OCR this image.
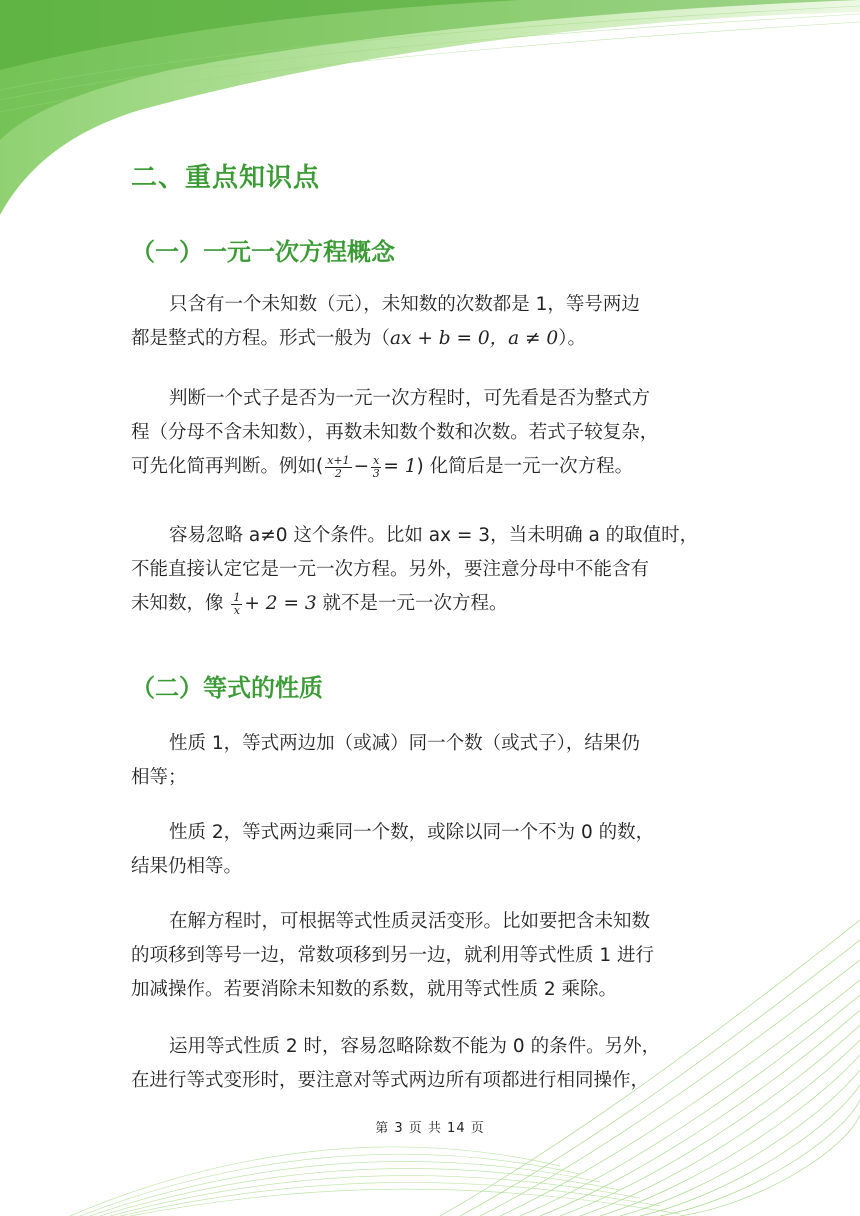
二、重点知识点
（一）一元一次方程概念
只含有一个未知数（元），未知数的次数都是 1，等号两边
都是整式的方程。形式一般为（ax + b = 0，a ≠ 0）。
判断一个式子是否为一元一次方程时，可先看是否为整式方
程（分母不含未知数），再数未知数个数和次数。若式子较复杂，
可先化简再判断。例如( $\frac{x+1}{2} - \frac{x}{3} = 1$) 化简后是一元一次方程。
容易忽略 a≠0 这个条件。比如 ax = 3，当未明确 a 的取值时，
不能直接认定它是一元一次方程。另外，要注意分母中不能含有
未知数，像 $\frac{1}{x} + 2 = 3$ 就不是一元一次方程。
（二）等式的性质
性质 1，等式两边加（或减）同一个数（或式子），结果仍
相等；
性质 2，等式两边乘同一个数，或除以同一个不为 0 的数，
结果仍相等。
在解方程时，可根据等式性质灵活变形。比如要把含未知数
的项移到等号一边，常数项移到另一边，就利用等式性质 1 进行
加减操作。若要消除未知数的系数，就用等式性质 2 乘除。
运用等式性质 2 时，容易忽略除数不能为 0 的条件。另外，
在进行等式变形时，要注意对等式两边所有项都进行相同操作，
第 3 页 共 14 页
